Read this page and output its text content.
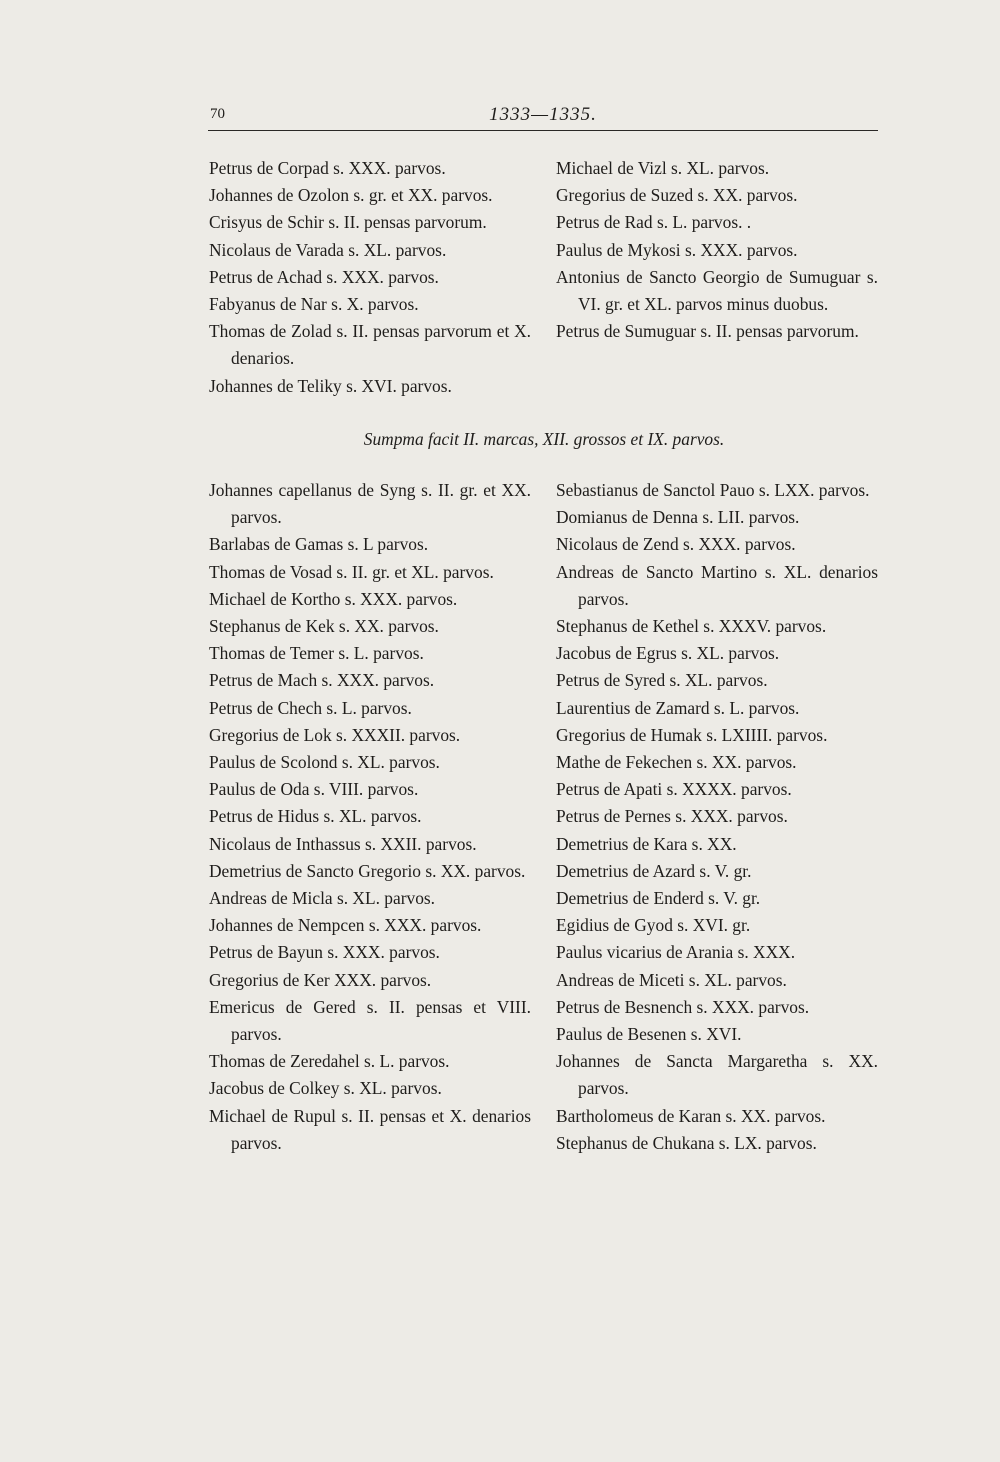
70	1333—1335.
Petrus de Corpad s. XXX. parvos.
Johannes de Ozolon s. gr. et XX. parvos.
Crisyus de Schir s. II. pensas parvorum.
Nicolaus de Varada s. XL. parvos.
Petrus de Achad s. XXX. parvos.
Fabyanus de Nar s. X. parvos.
Thomas de Zolad s. II. pensas parvorum et X. denarios.
Johannes de Teliky s. XVI. parvos.
Michael de Vizl s. XL. parvos.
Gregorius de Suzed s. XX. parvos.
Petrus de Rad s. L. parvos. .
Paulus de Mykosi s. XXX. parvos.
Antonius de Sancto Georgio de Sumuguar s. VI. gr. et XL. parvos minus duobus.
Petrus de Sumuguar s. II. pensas parvorum.
Sumpma facit II. marcas, XII. grossos et IX. parvos.
Johannes capellanus de Syng s. II. gr. et XX. parvos.
Barlabas de Gamas s. L parvos.
Thomas de Vosad s. II. gr. et XL. parvos.
Michael de Kortho s. XXX. parvos.
Stephanus de Kek s. XX. parvos.
Thomas de Temer s. L. parvos.
Petrus de Mach s. XXX. parvos.
Petrus de Chech s. L. parvos.
Gregorius de Lok s. XXXII. parvos.
Paulus de Scolond s. XL. parvos.
Paulus de Oda s. VIII. parvos.
Petrus de Hidus s. XL. parvos.
Nicolaus de Inthassus s. XXII. parvos.
Demetrius de Sancto Gregorio s. XX. parvos.
Andreas de Micla s. XL. parvos.
Johannes de Nempcen s. XXX. parvos.
Petrus de Bayun s. XXX. parvos.
Gregorius de Ker XXX. parvos.
Emericus de Gered s. II. pensas et VIII. parvos.
Thomas de Zeredahel s. L. parvos.
Jacobus de Colkey s. XL. parvos.
Michael de Rupul s. II. pensas et X. denarios parvos.
Sebastianus de Sanctol Pauo s. LXX. parvos.
Domianus de Denna s. LII. parvos.
Nicolaus de Zend s. XXX. parvos.
Andreas de Sancto Martino s. XL. denarios parvos.
Stephanus de Kethel s. XXXV. parvos.
Jacobus de Egrus s. XL. parvos.
Petrus de Syred s. XL. parvos.
Laurentius de Zamard s. L. parvos.
Gregorius de Humak s. LXIIII. parvos.
Mathe de Fekechen s. XX. parvos.
Petrus de Apati s. XXXX. parvos.
Petrus de Pernes s. XXX. parvos.
Demetrius de Kara s. XX.
Demetrius de Azard s. V. gr.
Demetrius de Enderd s. V. gr.
Egidius de Gyod s. XVI. gr.
Paulus vicarius de Arania s. XXX.
Andreas de Miceti s. XL. parvos.
Petrus de Besnench s. XXX. parvos.
Paulus de Besenen s. XVI.
Johannes de Sancta Margaretha s. XX. parvos.
Bartholomeus de Karan s. XX. parvos.
Stephanus de Chukana s. LX. parvos.
